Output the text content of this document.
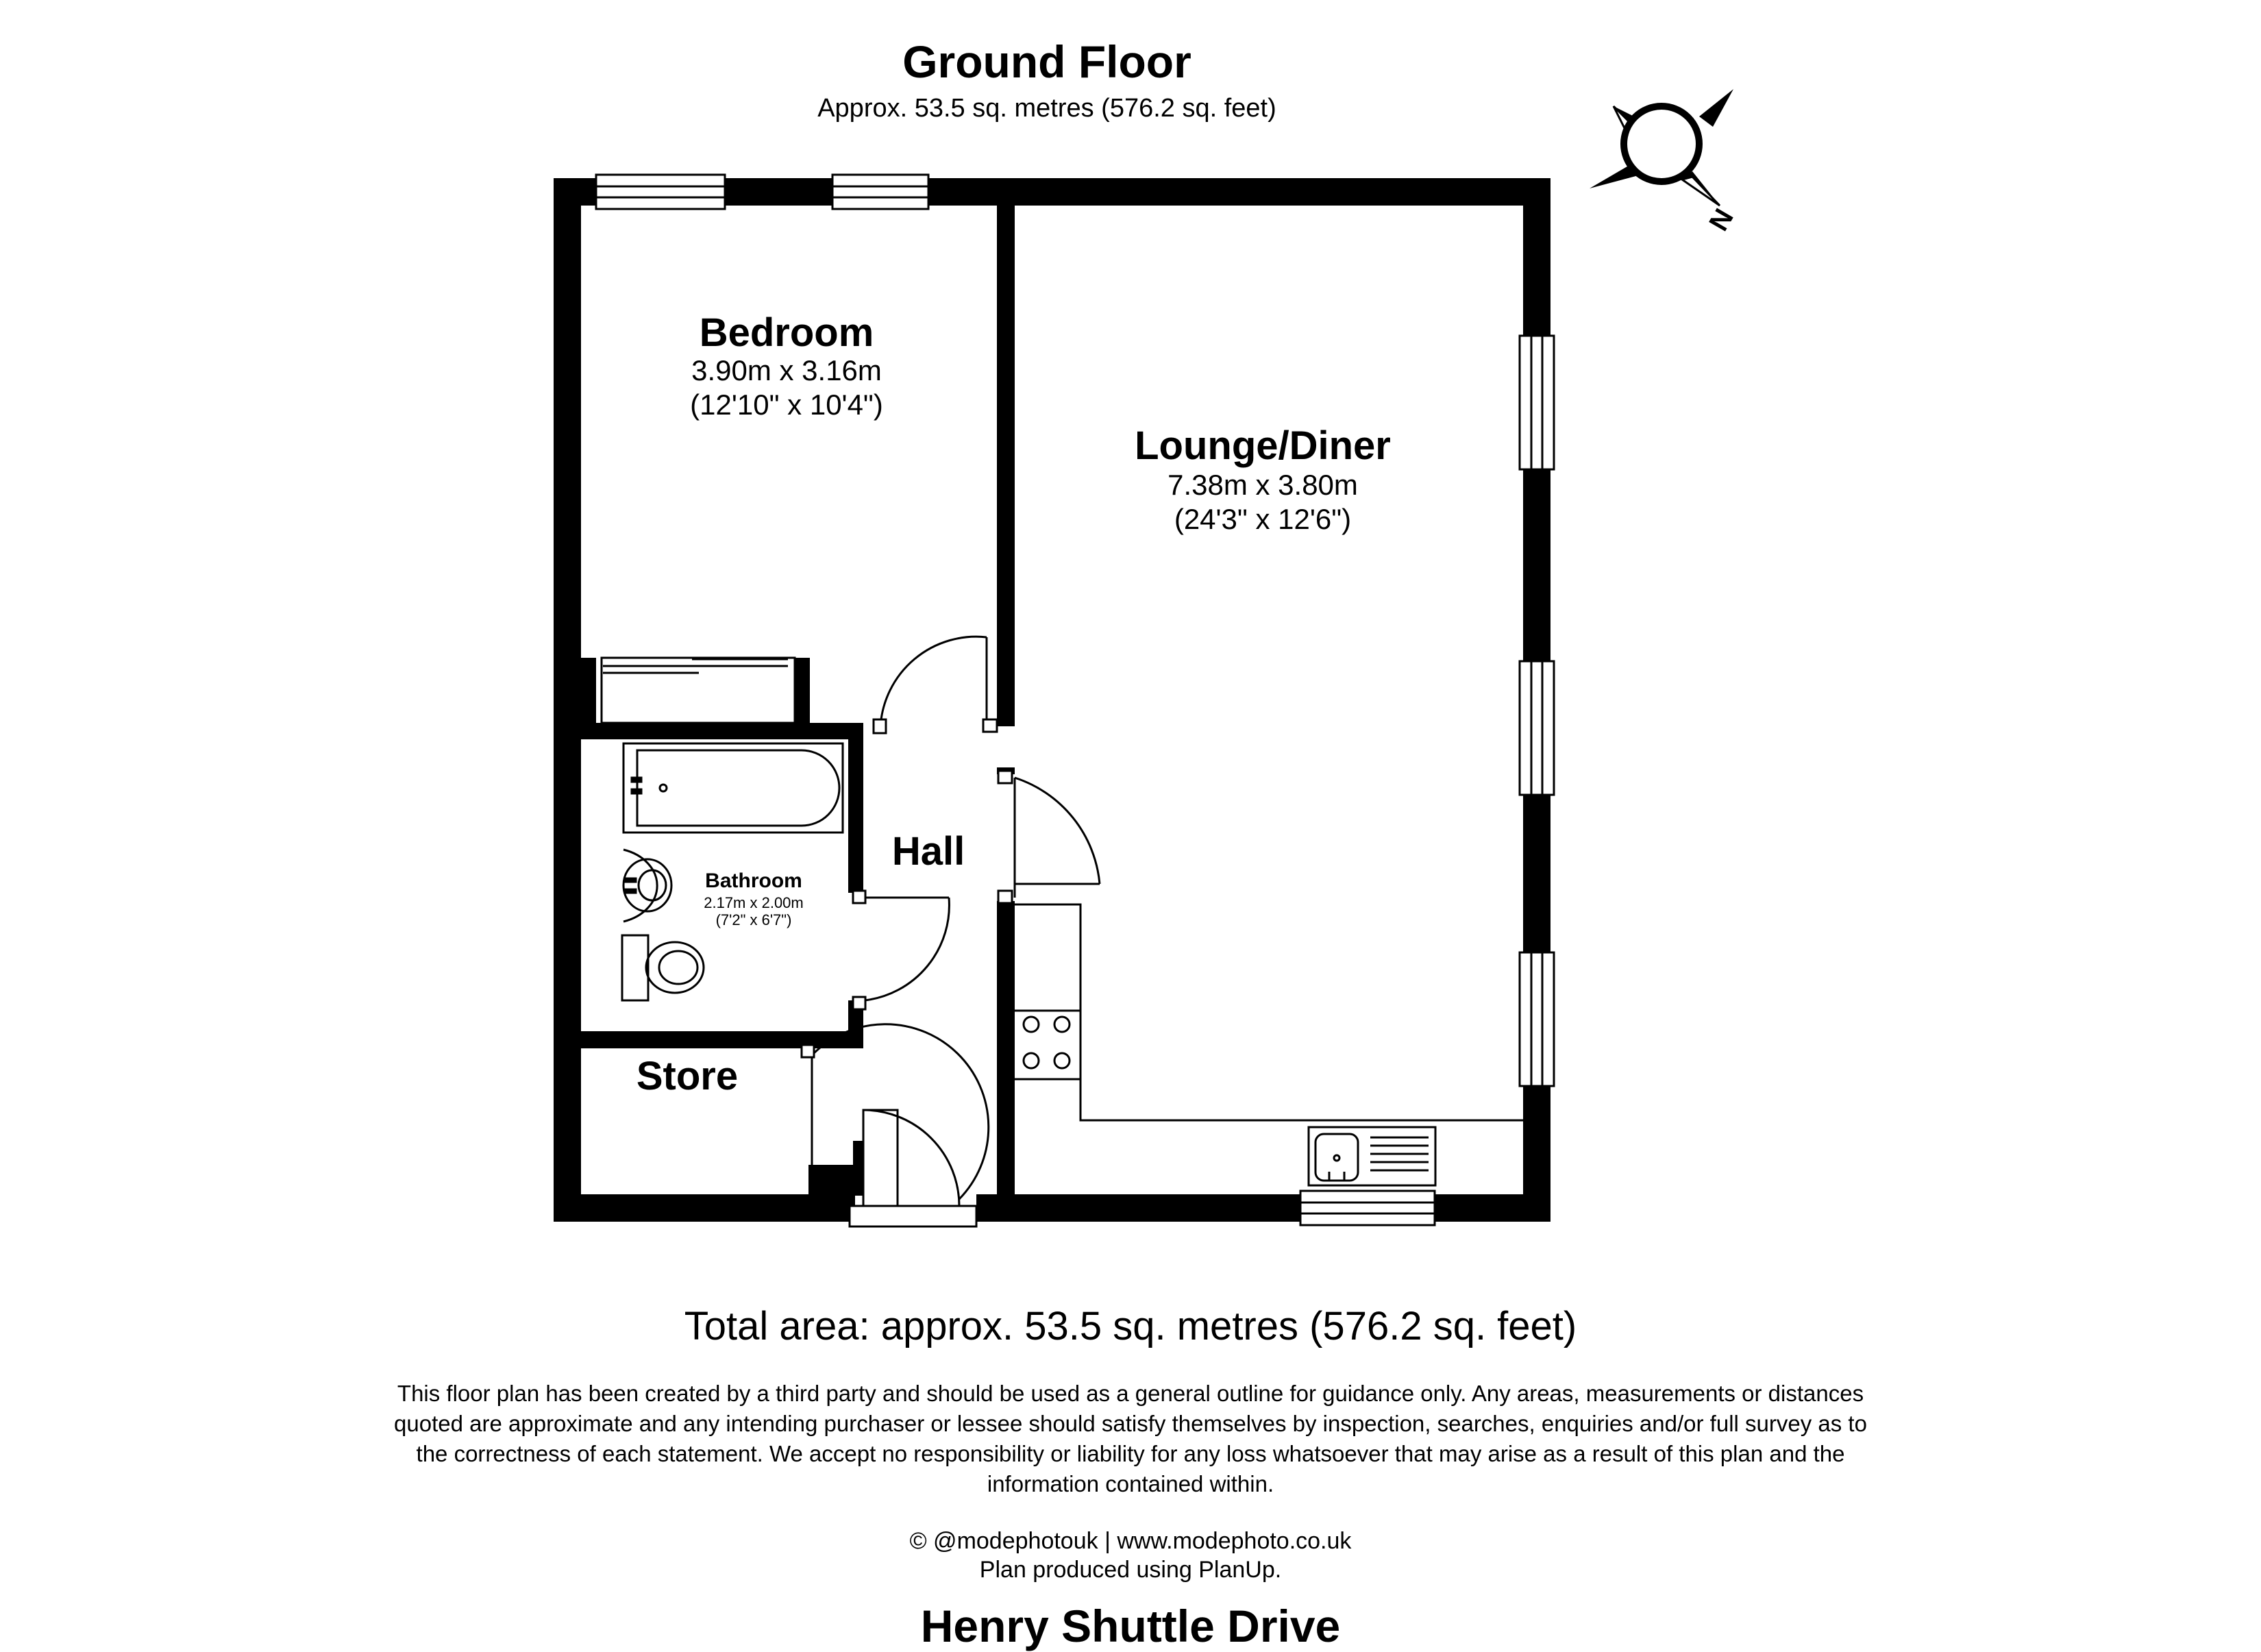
Ground Floor
Approx. 53.5 sq. metres (576.2 sq. feet)
N
Bedroom
3.90m x 3.16m
(12'10" x 10'4")
Lounge/Diner
7.38m x 3.80m
(24'3" x 12'6")
Bathroom
2.17m x 2.00m
(7'2" x 6'7")
Hall
Store
Total area: approx. 53.5 sq. metres (576.2 sq. feet)
This floor plan has been created by a third party and should be used as a general outline for guidance only. Any areas, measurements or distances quoted are approximate and any intending purchaser or lessee should satisfy themselves by inspection, searches, enquiries and/or full survey as to the correctness of each statement. We accept no responsibility or liability for any loss whatsoever that may arise as a result of this plan and the information contained within.
© @modephotouk | www.modephoto.co.uk
Plan produced using PlanUp.
Henry Shuttle Drive
